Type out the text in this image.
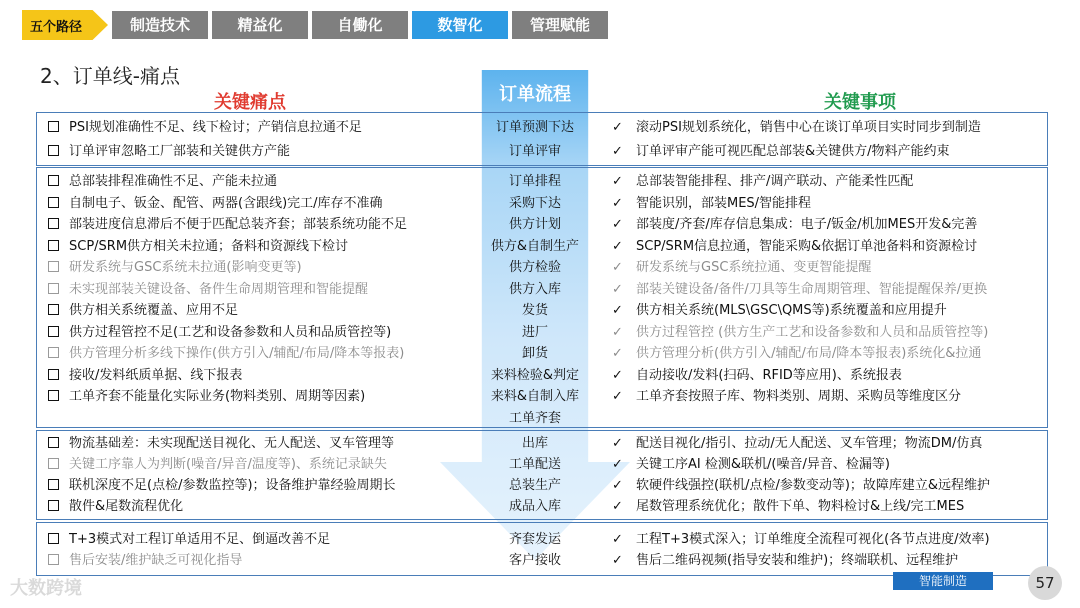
五个路径	制造技术	精益化	自働化	数智化	管理赋能
2、订单线-痛点
订单流程
关键痛点	关键事项
PSI规划准确性不足、线下检讨；产销信息拉通不足	订单预测下达	✓ 滚动PSI规划系统化，销售中心在谈订单项目实时同步到制造
订单评审忽略工厂部装和关键供方产能	订单评审	✓ 订单评审产能可视匹配总部装&关键供方/物料产能约束
总部装排程准确性不足、产能未拉通	订单排程	✓ 总部装智能排程、排产/调产联动、产能柔性匹配
自制电子、钣金、配管、两器(含跟线)完工/库存不准确	采购下达	✓ 智能识别，部装MES/智能排程
部装进度信息滞后不便于匹配总装齐套；部装系统功能不足	供方计划	✓ 部装度/齐套/库存信息集成：电子/钣金/机加MES开发&完善
SCP/SRM供方相关未拉通；备料和资源线下检讨	供方&自制生产	✓ SCP/SRM信息拉通，智能采购&依据订单池备料和资源检讨
研发系统与GSC系统未拉通(影响变更等)	供方检验	✓ 研发系统与GSC系统拉通、变更智能提醒
未实现部装关键设备、备件生命周期管理和智能提醒	供方入库	✓ 部装关键设备/备件/刀具等生命周期管理、智能提醒保养/更换
供方相关系统覆盖、应用不足	发货	✓ 供方相关系统(MLS\GSC\QMS等)系统覆盖和应用提升
供方过程管控不足(工艺和设备参数和人员和品质管控等)	进厂	✓ 供方过程管控 (供方生产工艺和设备参数和人员和品质管控等)
供方管理分析多线下操作(供方引入/辅配/布局/降本等报表)	卸货	✓ 供方管理分析(供方引入/辅配/布局/降本等报表)系统化&拉通
接收/发料纸质单据、线下报表	来料检验&判定	✓ 自动接收/发料(扫码、RFID等应用)、系统报表
工单齐套不能量化实际业务(物料类别、周期等因素)	来料&自制入库	✓ 工单齐套按照子库、物料类别、周期、采购员等维度区分
工单齐套
物流基础差：未实现配送目视化、无人配送、叉车管理等	出库	✓ 配送目视化/指引、拉动/无人配送、叉车管理；物流DM/仿真
关键工序靠人为判断(噪音/异音/温度等)、系统记录缺失	工单配送	✓ 关键工序AI 检测&联机/(噪音/异音、检漏等)
联机深度不足(点检/参数监控等)；设备维护靠经验周期长	总装生产	✓ 软硬件线强控(联机/点检/参数变动等)；故障库建立&远程维护
散件&尾数流程优化	成品入库	✓ 尾数管理系统优化；散件下单、物料检讨&上线/完工MES
T+3模式对工程订单适用不足、倒逼改善不足	齐套发运	✓ 工程T+3模式深入；订单维度全流程可视化(各节点进度/效率)
售后安装/维护缺乏可视化指导	客户接收	✓ 售后二维码视频(指导安装和维护)；终端联机、远程维护
大数跨境	智能制造	57
